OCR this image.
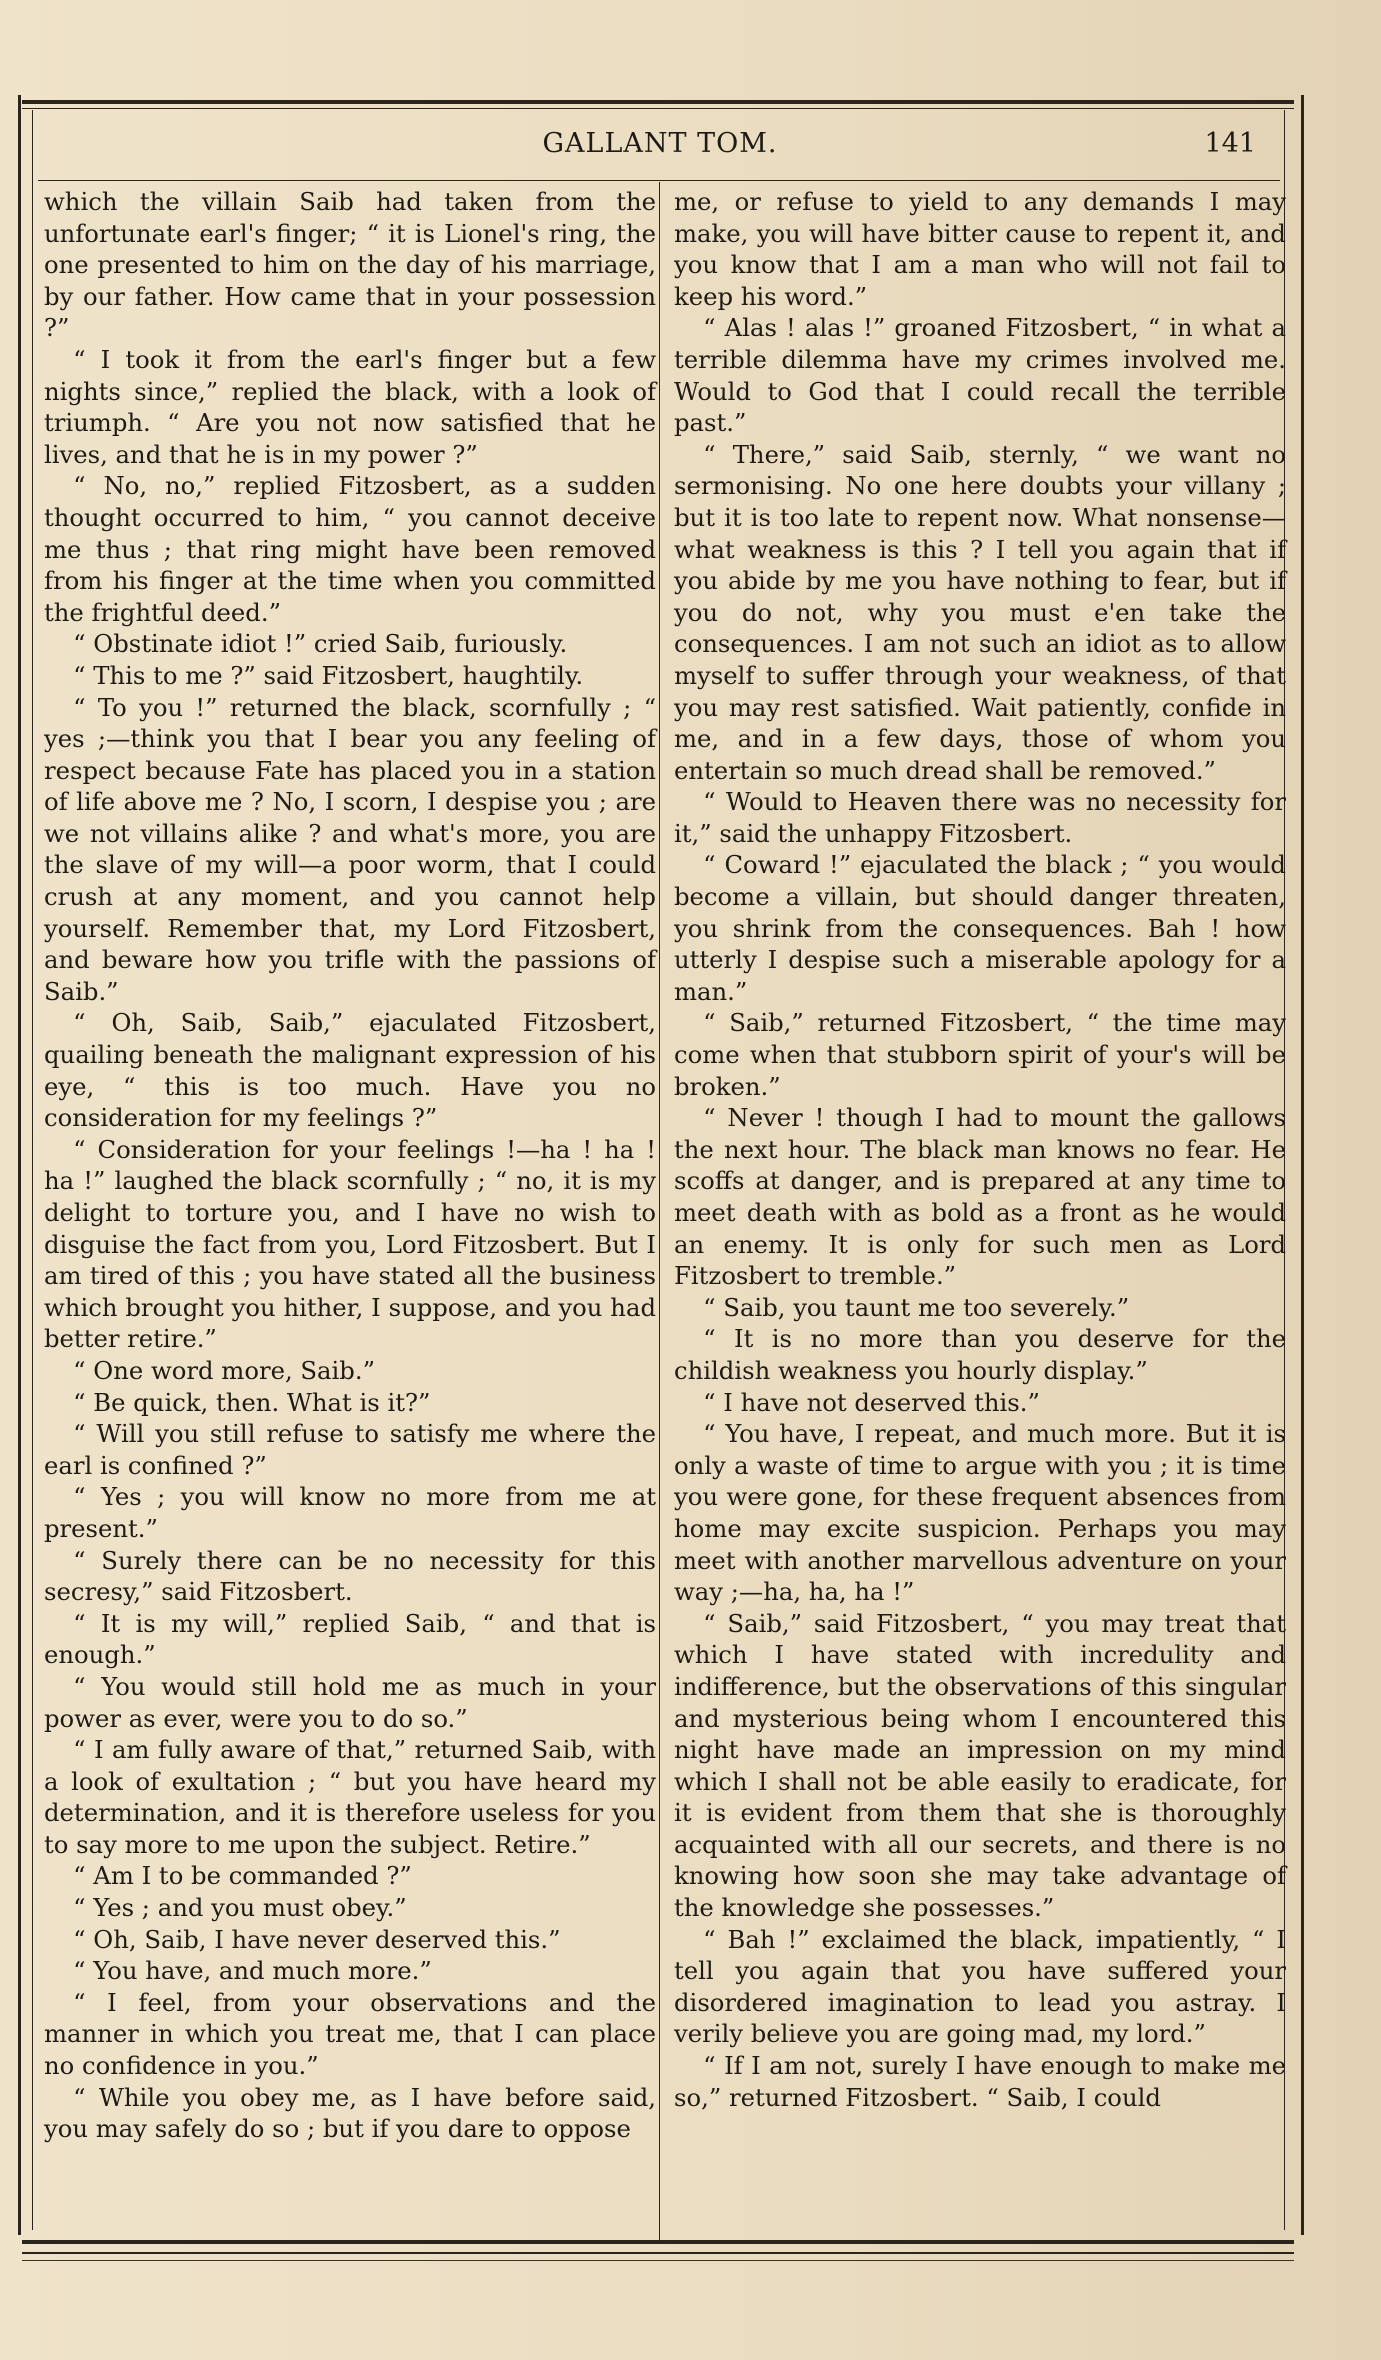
GALLANT TOM.	141

which the villain Saib had taken from the unfortunate earl's finger; “ it is Lionel's ring, the one presented to him on the day of his marriage, by our father. How came that in your possession ?”

“ I took it from the earl's finger but a few nights since,” replied the black, with a look of triumph. “ Are you not now satisfied that he lives, and that he is in my power ?”

“ No, no,” replied Fitzosbert, as a sudden thought occurred to him, “ you cannot deceive me thus ; that ring might have been removed from his finger at the time when you committed the frightful deed.”

“ Obstinate idiot !” cried Saib, furiously.

“ This to me ?” said Fitzosbert, haughtily.

“ To you !” returned the black, scornfully ; “ yes ;—think you that I bear you any feeling of respect because Fate has placed you in a station of life above me ? No, I scorn, I despise you ; are we not villains alike ? and what's more, you are the slave of my will—a poor worm, that I could crush at any moment, and you cannot help yourself. Remember that, my Lord Fitzosbert, and beware how you trifle with the passions of Saib.”

“ Oh, Saib, Saib,” ejaculated Fitzosbert, quailing beneath the malignant expression of his eye, “ this is too much. Have you no consideration for my feelings ?”

“ Consideration for your feelings !—ha ! ha ! ha !” laughed the black scornfully ; “ no, it is my delight to torture you, and I have no wish to disguise the fact from you, Lord Fitzosbert. But I am tired of this ; you have stated all the business which brought you hither, I suppose, and you had better retire.”

“ One word more, Saib.”

“ Be quick, then. What is it?”

“ Will you still refuse to satisfy me where the earl is confined ?”

“ Yes ; you will know no more from me at present.”

“ Surely there can be no necessity for this secresy,” said Fitzosbert.

“ It is my will,” replied Saib, “ and that is enough.”

“ You would still hold me as much in your power as ever, were you to do so.”

“ I am fully aware of that,” returned Saib, with a look of exultation ; “ but you have heard my determination, and it is therefore useless for you to say more to me upon the subject. Retire.”

“ Am I to be commanded ?”

“ Yes ; and you must obey.”

“ Oh, Saib, I have never deserved this.”

“ You have, and much more.”

“ I feel, from your observations and the manner in which you treat me, that I can place no confidence in you.”

“ While you obey me, as I have before said, you may safely do so ; but if you dare to oppose

me, or refuse to yield to any demands I may make, you will have bitter cause to repent it, and you know that I am a man who will not fail to keep his word.”

“ Alas ! alas !” groaned Fitzosbert, “ in what a terrible dilemma have my crimes involved me. Would to God that I could recall the terrible past.”

“ There,” said Saib, sternly, “ we want no sermonising. No one here doubts your villany ; but it is too late to repent now. What nonsense—what weakness is this ? I tell you again that if you abide by me you have nothing to fear, but if you do not, why you must e'en take the consequences. I am not such an idiot as to allow myself to suffer through your weakness, of that you may rest satisfied. Wait patiently, confide in me, and in a few days, those of whom you entertain so much dread shall be removed.”

“ Would to Heaven there was no necessity for it,” said the unhappy Fitzosbert.

“ Coward !” ejaculated the black ; “ you would become a villain, but should danger threaten, you shrink from the consequences. Bah ! how utterly I despise such a miserable apology for a man.”

“ Saib,” returned Fitzosbert, “ the time may come when that stubborn spirit of your's will be broken.”

“ Never ! though I had to mount the gallows the next hour. The black man knows no fear. He scoffs at danger, and is prepared at any time to meet death with as bold as a front as he would an enemy. It is only for such men as Lord Fitzosbert to tremble.”

“ Saib, you taunt me too severely.”

“ It is no more than you deserve for the childish weakness you hourly display.”

“ I have not deserved this.”

“ You have, I repeat, and much more. But it is only a waste of time to argue with you ; it is time you were gone, for these frequent absences from home may excite suspicion. Perhaps you may meet with another marvellous adventure on your way ;—ha, ha, ha !”

“ Saib,” said Fitzosbert, “ you may treat that which I have stated with incredulity and indifference, but the observations of this singular and mysterious being whom I encountered this night have made an impression on my mind which I shall not be able easily to eradicate, for it is evident from them that she is thoroughly acquainted with all our secrets, and there is no knowing how soon she may take advantage of the knowledge she possesses.”

“ Bah !” exclaimed the black, impatiently, “ I tell you again that you have suffered your disordered imagination to lead you astray. I verily believe you are going mad, my lord.”

“ If I am not, surely I have enough to make me so,” returned Fitzosbert. “ Saib, I could
